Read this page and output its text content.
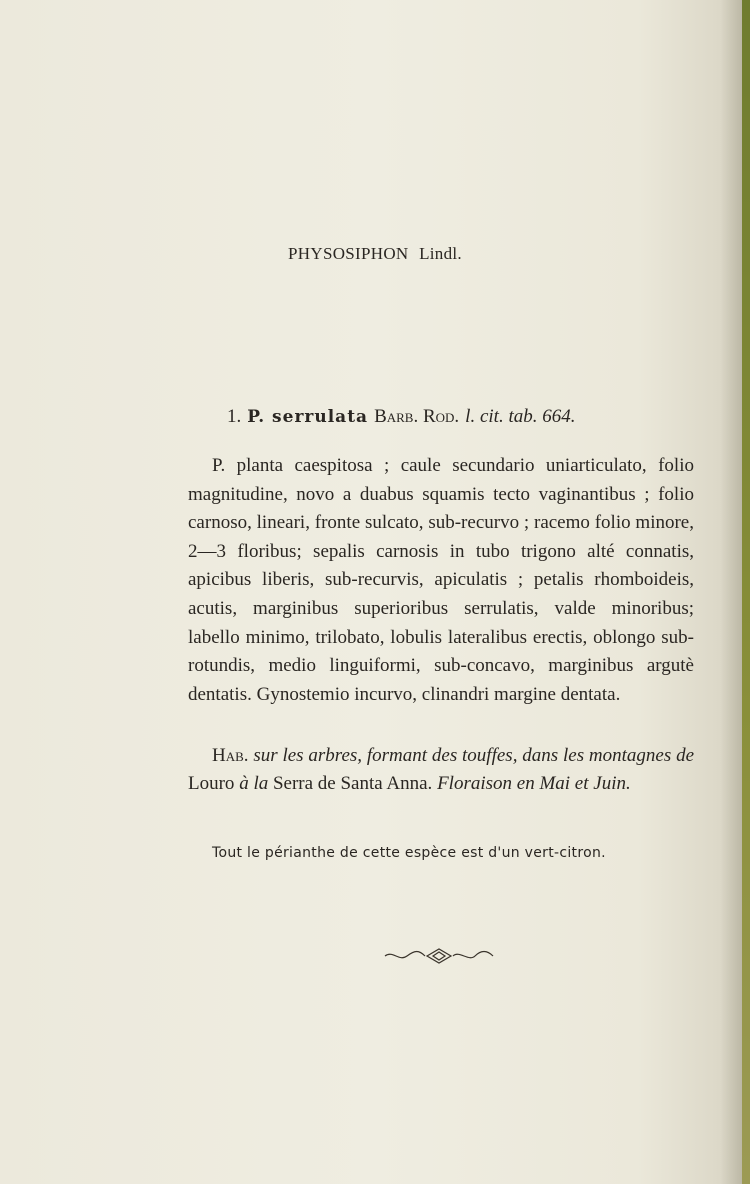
PHYSOSIPHON Lindl.
1. P. serrulata Barb. Rod. l. cit. tab. 664.

P. planta caespitosa ; caule secundario uniarticulato, folio magnitudine, novo a duabus squamis tecto vaginantibus ; folio carnoso, lineari, fronte sulcato, sub-recurvo ; racemo folio minore, 2—3 floribus; sepalis carnosis in tubo trigono alté connatis, apicibus liberis, sub-recurvis, apiculatis ; petalis rhomboideis, acutis, marginibus superioribus serrulatis, valde minoribus; labello minimo, trilobato, lobulis lateralibus erectis, oblongo sub-rotundis, medio linguiformi, sub-concavo, marginibus argutè dentatis. Gynostemio incurvo, clinandri margine dentata.

Hab. sur les arbres, formant des touffes, dans les montagnes de Louro à la Serra de Santa Anna. Floraison en Mai et Juin.

Tout le périanthe de cette espèce est d'un vert-citron.
